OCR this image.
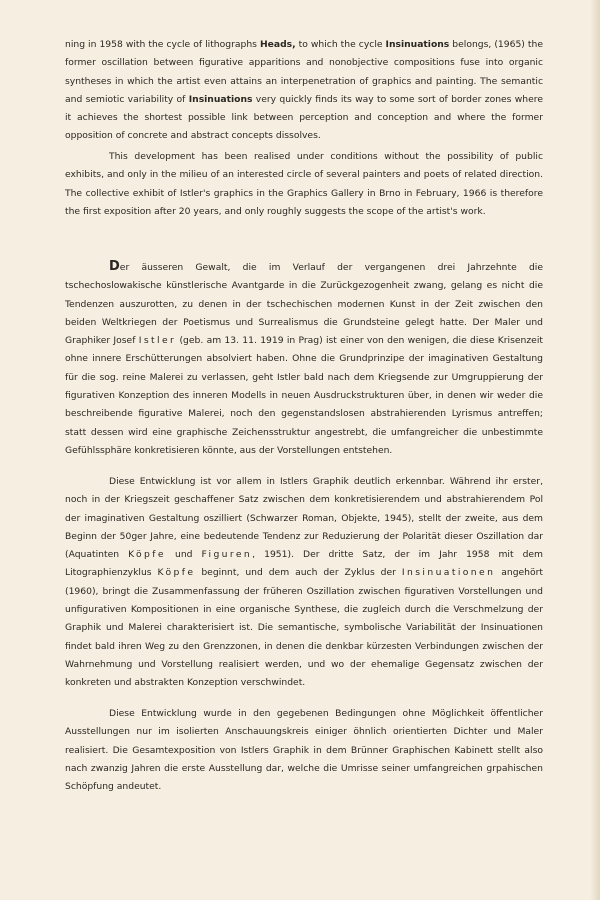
ning in 1958 with the cycle of lithographs Heads, to which the cycle Insinuations belongs, (1965) the former oscillation between figurative apparitions and nonobjective compositions fuse into organic syntheses in which the artist even attains an interpenetration of graphics and painting. The semantic and semiotic variability of Insinuations very quickly finds its way to some sort of border zones where it achieves the shortest possible link between perception and conception and where the former opposition of concrete and abstract concepts dissolves.

This development has been realised under conditions without the possibility of public exhibits, and only in the milieu of an interested circle of several painters and poets of related direction. The collective exhibit of Istler's graphics in the Graphics Gallery in Brno in February, 1966 is therefore the first exposition after 20 years, and only roughly suggests the scope of the artist's work.

Der äusseren Gewalt, die im Verlauf der vergangenen drei Jahrzehnte die tschechoslowakische künstlerische Avantgarde in die Zurückgezogenheit zwang, gelang es nicht die Tendenzen auszurotten, zu denen in der tschechischen modernen Kunst in der Zeit zwischen den beiden Weltkriegen der Poetismus und Surrealismus die Grundsteine gelegt hatte. Der Maler und Graphiker Josef Istler (geb. am 13. 11. 1919 in Prag) ist einer von den wenigen, die diese Krisenzeit ohne innere Erschütterungen absolviert haben. Ohne die Grundprinzipe der imaginativen Gestaltung für die sog. reine Malerei zu verlassen, geht Istler bald nach dem Kriegsende zur Umgruppierung der figurativen Konzeption des inneren Modells in neuen Ausdruckstrukturen über, in denen wir weder die beschreibende figurative Malerei, noch den gegenstandslosen abstrahierenden Lyrismus antreffen; statt dessen wird eine graphische Zeichensstruktur angestrebt, die umfangreicher die unbestimmte Gefühlssphäre konkretisieren könnte, aus der Vorstellungen entstehen.

Diese Entwicklung ist vor allem in Istlers Graphik deutlich erkennbar. Während ihr erster, noch in der Kriegszeit geschaffener Satz zwischen dem konkretisierendem und abstrahierendem Pol der imaginativen Gestaltung oszilliert (Schwarzer Roman, Objekte, 1945), stellt der zweite, aus dem Beginn der 50ger Jahre, eine bedeutende Tendenz zur Reduzierung der Polarität dieser Oszillation dar (Aquatinten Köpfe und Figuren, 1951). Der dritte Satz, der im Jahr 1958 mit dem Litographienzyklus Köpfe beginnt, und dem auch der Zyklus der Insinuationen angehört (1960), bringt die Zusammenfassung der früheren Oszillation zwischen figurativen Vorstellungen und unfigurativen Kompositionen in eine organische Synthese, die zugleich durch die Verschmelzung der Graphik und Malerei charakterisiert ist. Die semantische, symbolische Variabilität der Insinuationen findet bald ihren Weg zu den Grenzzonen, in denen die denkbar kürzesten Verbindungen zwischen der Wahrnehmung und Vorstellung realisiert werden, und wo der ehemalige Gegensatz zwischen der konkreten und abstrakten Konzeption verschwindet.

Diese Entwicklung wurde in den gegebenen Bedingungen ohne Möglichkeit öffentlicher Ausstellungen nur im isolierten Anschauungskreis einiger öhnlich orientierten Dichter und Maler realisiert. Die Gesamtexposition von Istlers Graphik in dem Brünner Graphischen Kabinett stellt also nach zwanzig Jahren die erste Ausstellung dar, welche die Umrisse seiner umfangreichen grpahischen Schöpfung andeutet.
